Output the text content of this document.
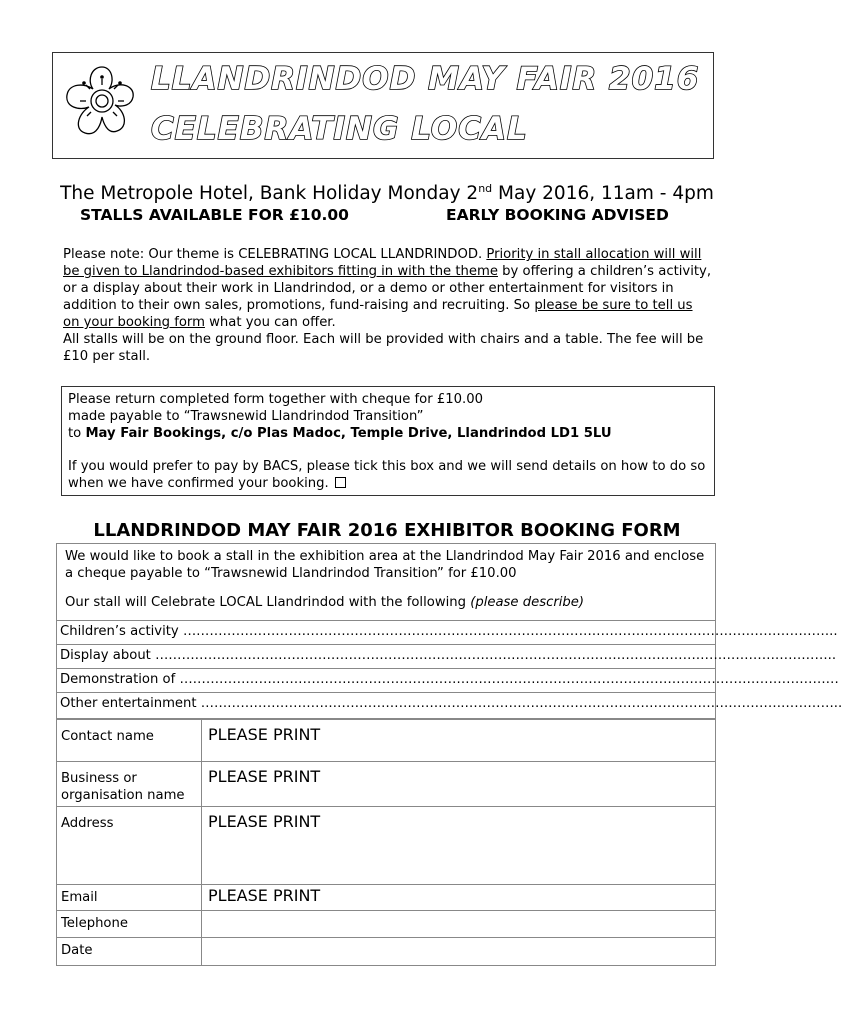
LLANDRINDOD MAY FAIR 2016
CELEBRATING LOCAL
The Metropole Hotel, Bank Holiday Monday 2nd May 2016, 11am - 4pm
STALLS AVAILABLE FOR £10.00	EARLY BOOKING ADVISED
Please note: Our theme is CELEBRATING LOCAL LLANDRINDOD. Priority in stall allocation will will be given to Llandrindod-based exhibitors fitting in with the theme by offering a children’s activity, or a display about their work in Llandrindod, or a demo or other entertainment for visitors in addition to their own sales, promotions, fund-raising and recruiting. So please be sure to tell us on your booking form what you can offer.
All stalls will be on the ground floor. Each will be provided with chairs and a table. The fee will be £10 per stall.
Please return completed form together with cheque for £10.00
made payable to “Trawsnewid Llandrindod Transition”
to May Fair Bookings, c/o Plas Madoc, Temple Drive, Llandrindod LD1 5LU
If you would prefer to pay by BACS, please tick this box and we will send details on how to do so when we have confirmed your booking.
LLANDRINDOD MAY FAIR 2016 EXHIBITOR BOOKING FORM
We would like to book a stall in the exhibition area at the Llandrindod May Fair 2016 and enclose a cheque payable to “Trawsnewid Llandrindod Transition” for £10.00
Our stall will Celebrate LOCAL Llandrindod with the following (please describe)
Children’s activity …………………………………………………………………………………………………………………………………..
Display about ………………………………………………………………………………………………………………………………………..
Demonstration of ……………………………………………………………………………………………………………………………………
Other entertainment ………………………………………………………………………………………………………………………………..
Contact name	PLEASE PRINT
Business or organisation name	PLEASE PRINT
Address	PLEASE PRINT
Email	PLEASE PRINT
Telephone	
Date	
